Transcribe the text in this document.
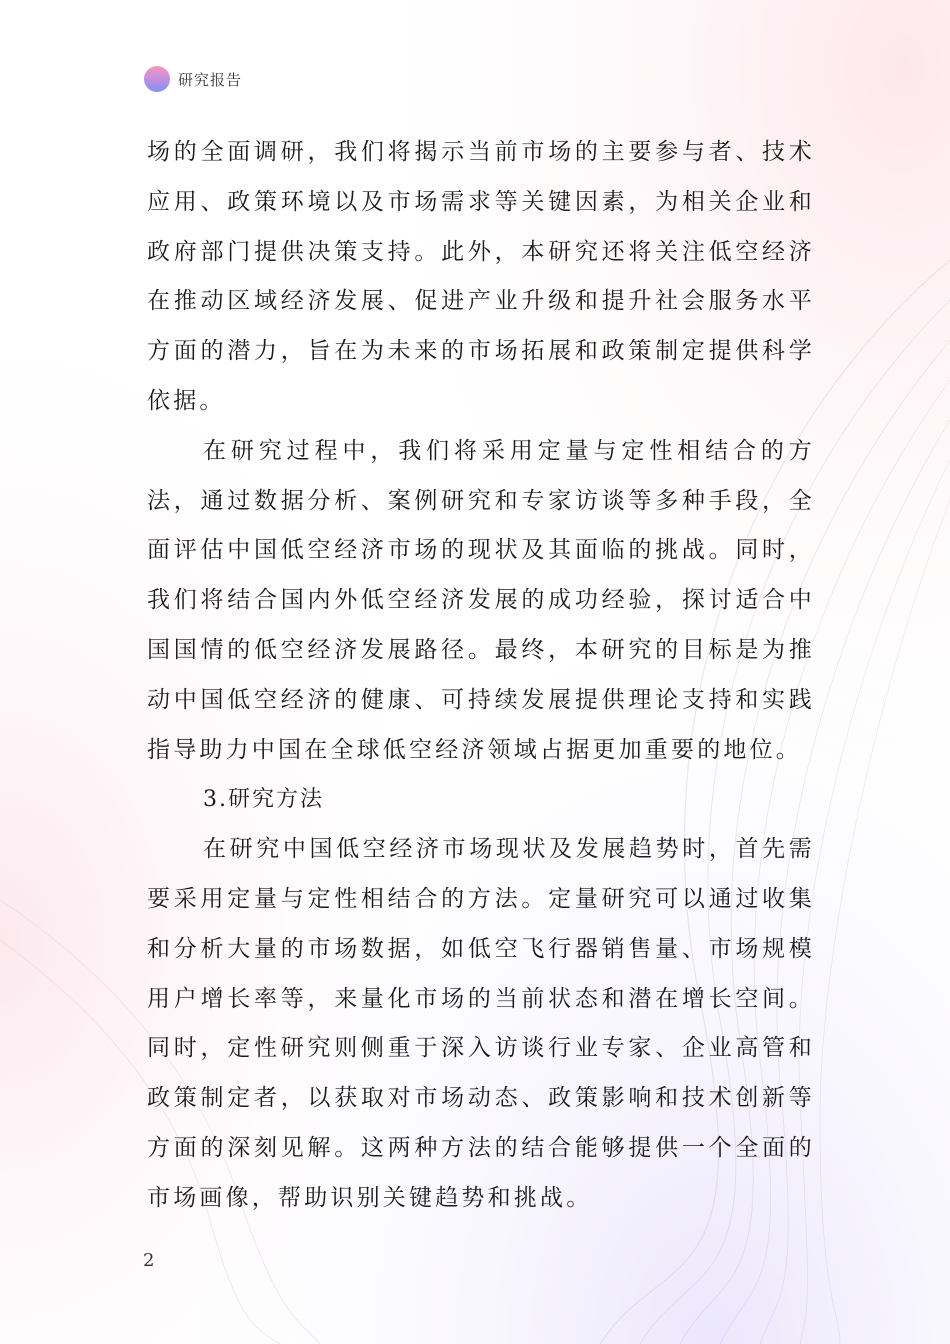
研究报告

场的全面调研，我们将揭示当前市场的主要参与者、技术应用、政策环境以及市场需求等关键因素，为相关企业和政府部门提供决策支持。此外，本研究还将关注低空经济在推动区域经济发展、促进产业升级和提升社会服务水平方面的潜力，旨在为未来的市场拓展和政策制定提供科学依据。

在研究过程中，我们将采用定量与定性相结合的方法，通过数据分析、案例研究和专家访谈等多种手段，全面评估中国低空经济市场的现状及其面临的挑战。同时，我们将结合国内外低空经济发展的成功经验，探讨适合中国国情的低空经济发展路径。最终，本研究的目标是为推动中国低空经济的健康、可持续发展提供理论支持和实践指导助力中国在全球低空经济领域占据更加重要的地位。

3.研究方法

在研究中国低空经济市场现状及发展趋势时，首先需要采用定量与定性相结合的方法。定量研究可以通过收集和分析大量的市场数据，如低空飞行器销售量、市场规模用户增长率等，来量化市场的当前状态和潜在增长空间。同时，定性研究则侧重于深入访谈行业专家、企业高管和政策制定者，以获取对市场动态、政策影响和技术创新等方面的深刻见解。这两种方法的结合能够提供一个全面的市场画像，帮助识别关键趋势和挑战。

2
